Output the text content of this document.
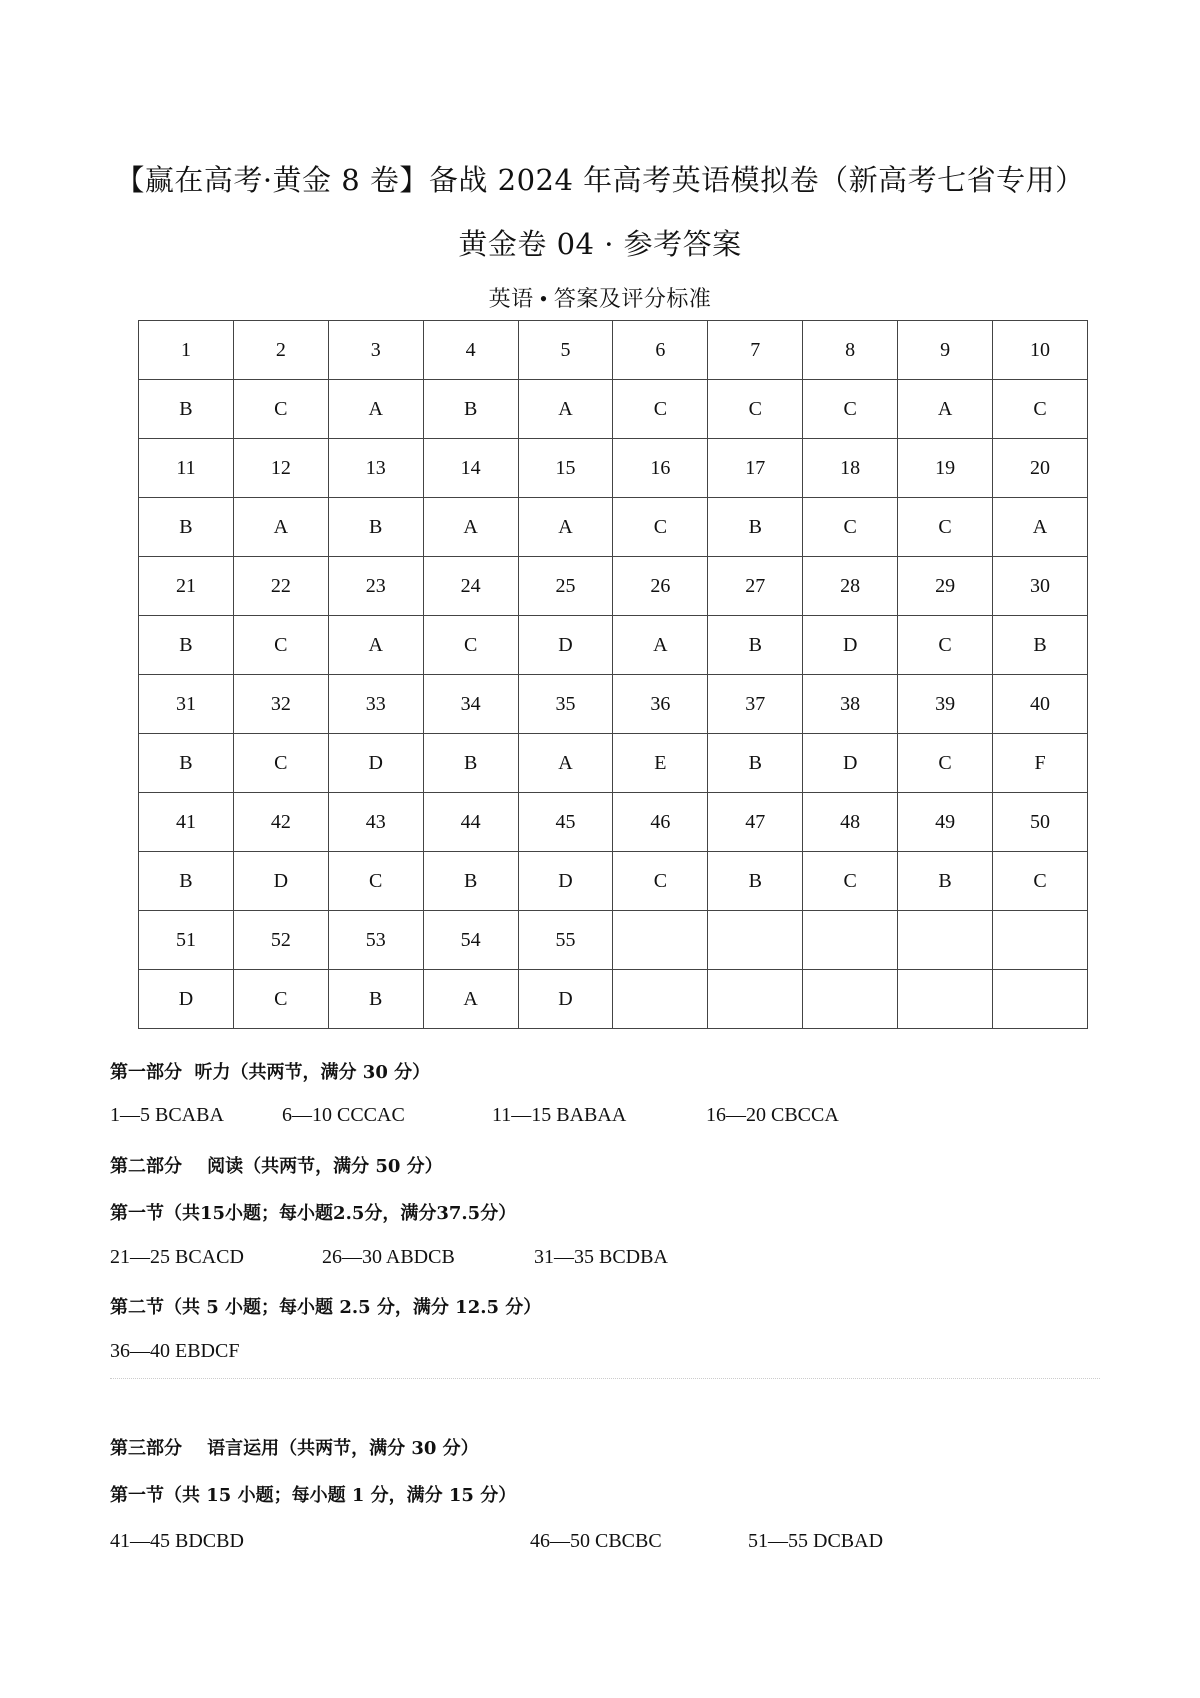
【赢在高考·黄金 8 卷】备战 2024 年高考英语模拟卷（新高考七省专用）
黄金卷 04 · 参考答案
英语 • 答案及评分标准
1	2	3	4	5	6	7	8	9	10
B	C	A	B	A	C	C	C	A	C
11	12	13	14	15	16	17	18	19	20
B	A	B	A	A	C	B	C	C	A
21	22	23	24	25	26	27	28	29	30
B	C	A	C	D	A	B	D	C	B
31	32	33	34	35	36	37	38	39	40
B	C	D	B	A	E	B	D	C	F
41	42	43	44	45	46	47	48	49	50
B	D	C	B	D	C	B	C	B	C
51	52	53	54	55					
D	C	B	A	D					
第一部分  听力（共两节，满分 30 分）
1—5 BCABA	6—10 CCCAC	11—15 BABAA	16—20 CBCCA
第二部分    阅读（共两节，满分 50 分）
第一节（共15小题；每小题2.5分，满分37.5分）
21—25 BCACD	26—30 ABDCB	31—35 BCDBA
第二节（共 5 小题；每小题 2.5 分，满分 12.5 分）
36—40 EBDCF
第三部分    语言运用（共两节，满分 30 分）
第一节（共 15 小题；每小题 1 分，满分 15 分）
41—45 BDCBD	46—50 CBCBC	51—55 DCBAD
